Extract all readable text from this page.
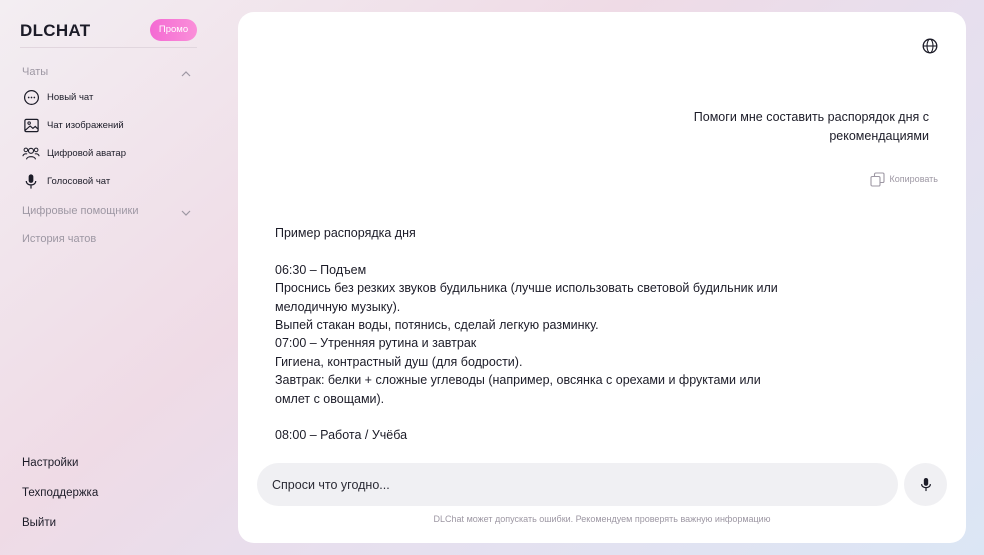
DLCHAT	Промо
Чаты
Новый чат
Чат изображений
Цифровой аватар
Голосовой чат
Цифровые помощники
История чатов
Настройки
Техподдержка
Выйти
Помоги мне составить распорядок дня с рекомендациями
Копировать

Пример распорядка дня

06:30 – Подъем

Проснись без резких звуков будильника (лучше использовать световой будильник или мелодичную музыку).

Выпей стакан воды, потянись, сделай легкую разминку.

07:00 – Утренняя рутина и завтрак

Гигиена, контрастный душ (для бодрости).

Завтрак: белки + сложные углеводы (например, овсянка с орехами и фруктами или омлет с овощами).

08:00 – Работа / Учёба

Спроси что угодно...
DLChat может допускать ошибки. Рекомендуем проверять важную информацию
